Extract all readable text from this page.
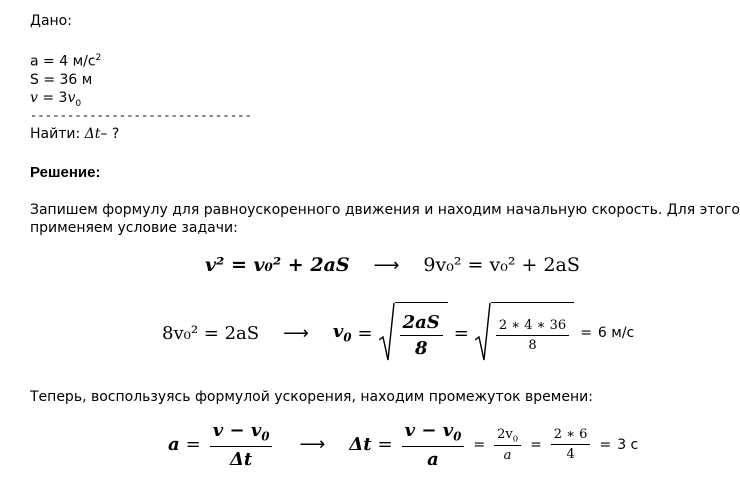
Дано:
a = 4 $м/c^2$
S = 36 м
$v = 3v_0$
------------------------------
Найти: Δt– ?
Решение:
Запишем формулу для равноускоренного движения и находим начальную скорость. Для этого
применяем условие задачи:
v² = v₀² + 2aS ⟶ 9v₀² = v₀² + 2aS
8v₀² = 2aS ⟶ $v_0 = \frac{2aS}{8} = \frac{2 ∗ 4 ∗ 36}{8} = 6$ м/c
Теперь, воспользуясь формулой ускорения, находим промежуток времени:
$a = \frac{v - v_0}{\Delta t}$ ⟶ $\Delta t = \frac{v - v_0}{a} = \frac{2v_0}{a} = \frac{2 ∗ 6}{4} = 3$ c
